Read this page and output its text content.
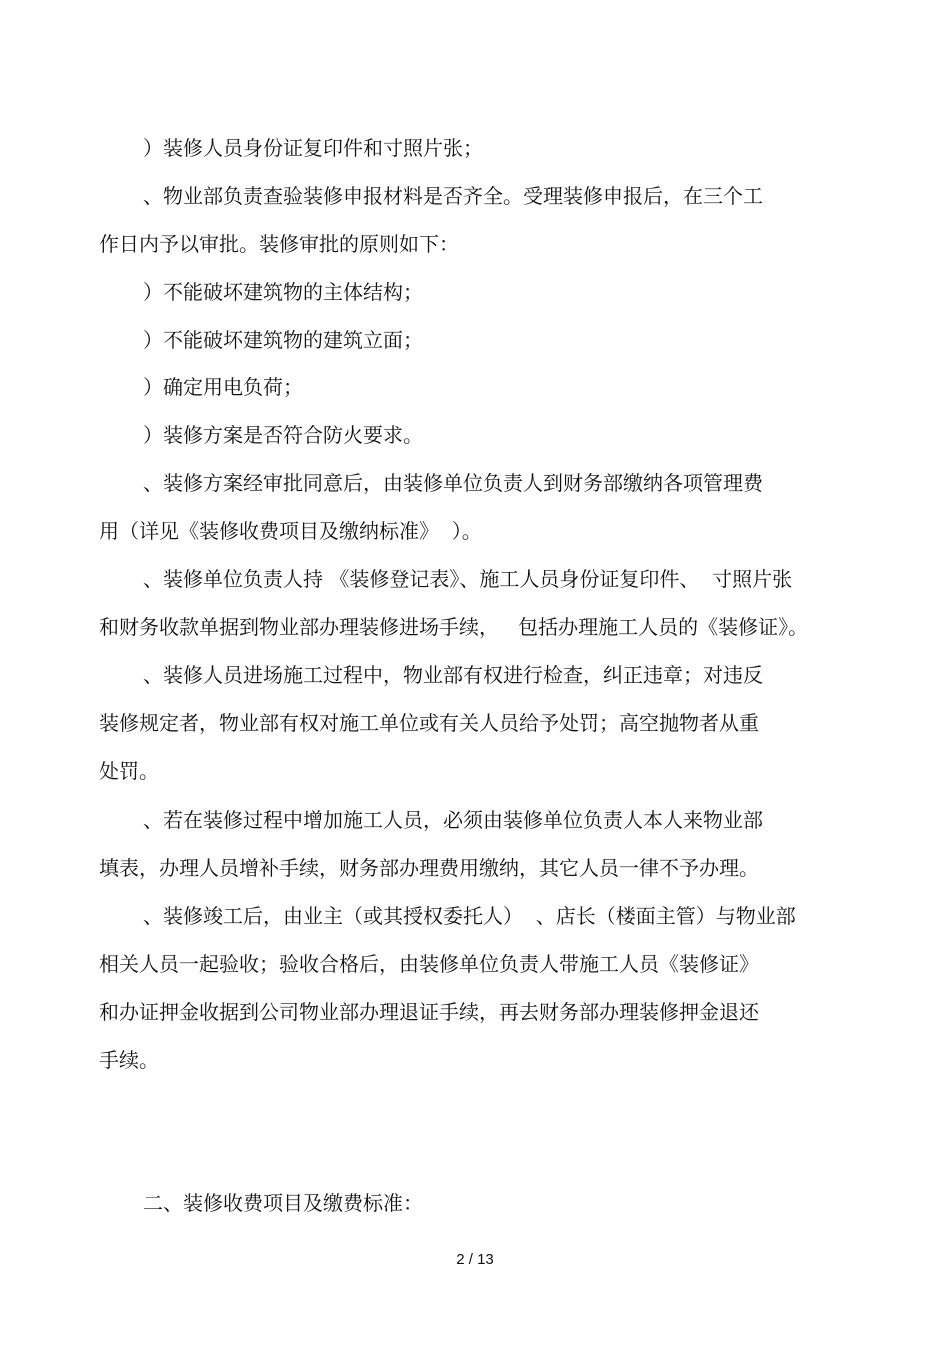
）装修人员身份证复印件和寸照片张；
、物业部负责查验装修申报材料是否齐全。受理装修申报后，在三个工
作日内予以审批。装修审批的原则如下：
）不能破坏建筑物的主体结构；
）不能破坏建筑物的建筑立面；
）确定用电负荷；
）装修方案是否符合防火要求。
、装修方案经审批同意后，由装修单位负责人到财务部缴纳各项管理费
用（详见《装修收费项目及缴纳标准》  ）。
、装修单位负责人持 《装修登记表》、施工人员身份证复印件、  寸照片张
和财务收款单据到物业部办理装修进场手续，   包括办理施工人员的《装修证》。
、装修人员进场施工过程中，物业部有权进行检查，纠正违章；对违反
装修规定者，物业部有权对施工单位或有关人员给予处罚；高空抛物者从重
处罚。
、若在装修过程中增加施工人员，必须由装修单位负责人本人来物业部
填表，办理人员增补手续，财务部办理费用缴纳，其它人员一律不予办理。
、装修竣工后，由业主（或其授权委托人）  、店长（楼面主管）与物业部
相关人员一起验收；验收合格后，由装修单位负责人带施工人员《装修证》
和办证押金收据到公司物业部办理退证手续，再去财务部办理装修押金退还
手续。
二、装修收费项目及缴费标准：
2 / 13
